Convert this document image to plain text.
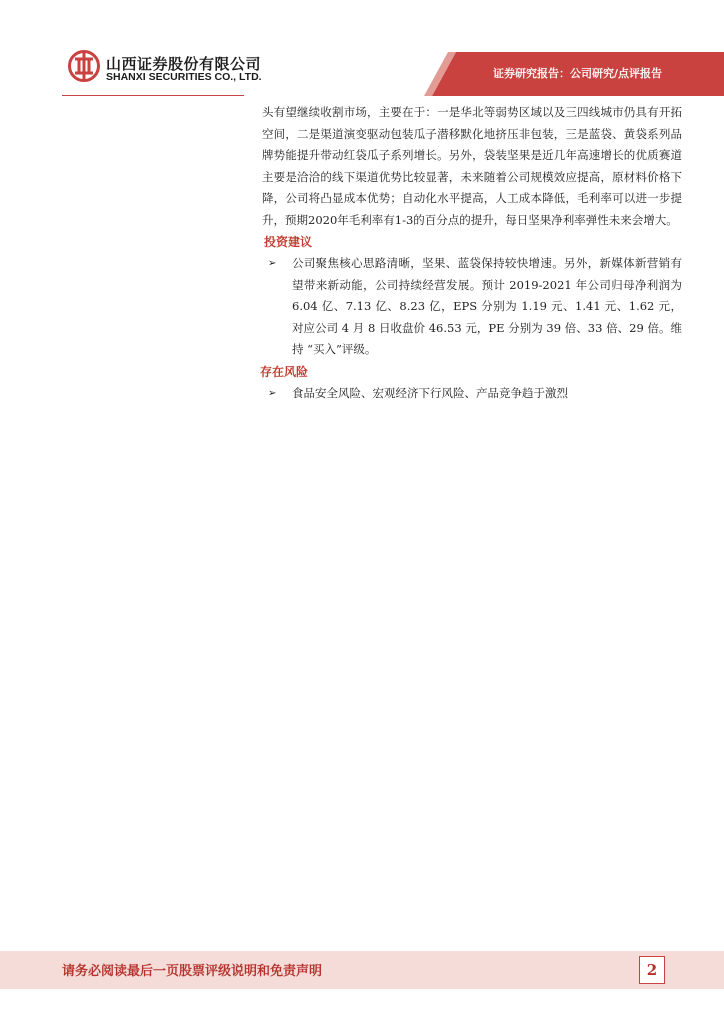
山西证券股份有限公司
SHANXI SECURITIES CO., LTD.	证券研究报告：公司研究/点评报告

头有望继续收割市场，主要在于：一是华北等弱势区域以及三四线城市仍具有开拓空间，二是渠道演变驱动包装瓜子潜移默化地挤压非包装，三是蓝袋、黄袋系列品牌势能提升带动红袋瓜子系列增长。另外，袋装坚果是近几年高速增长的优质赛道主要是洽洽的线下渠道优势比较显著，未来随着公司规模效应提高，原材料价格下降，公司将凸显成本优势；自动化水平提高，人工成本降低，毛利率可以进一步提升，预期2020年毛利率有1-3的百分点的提升，每日坚果净利率弹性未来会增大。

投资建议

➢ 公司聚焦核心思路清晰，坚果、蓝袋保持较快增速。另外，新媒体新营销有望带来新动能，公司持续经营发展。预计 2019-2021 年公司归母净利润为 6.04 亿、7.13 亿、8.23 亿，EPS 分别为 1.19 元、1.41 元、1.62 元，对应公司 4 月 8 日收盘价 46.53 元，PE 分别为 39 倍、33 倍、29 倍。维持 “买入”评级。

存在风险

➢ 食品安全风险、宏观经济下行风险、产品竞争趋于激烈

请务必阅读最后一页股票评级说明和免责声明	2
